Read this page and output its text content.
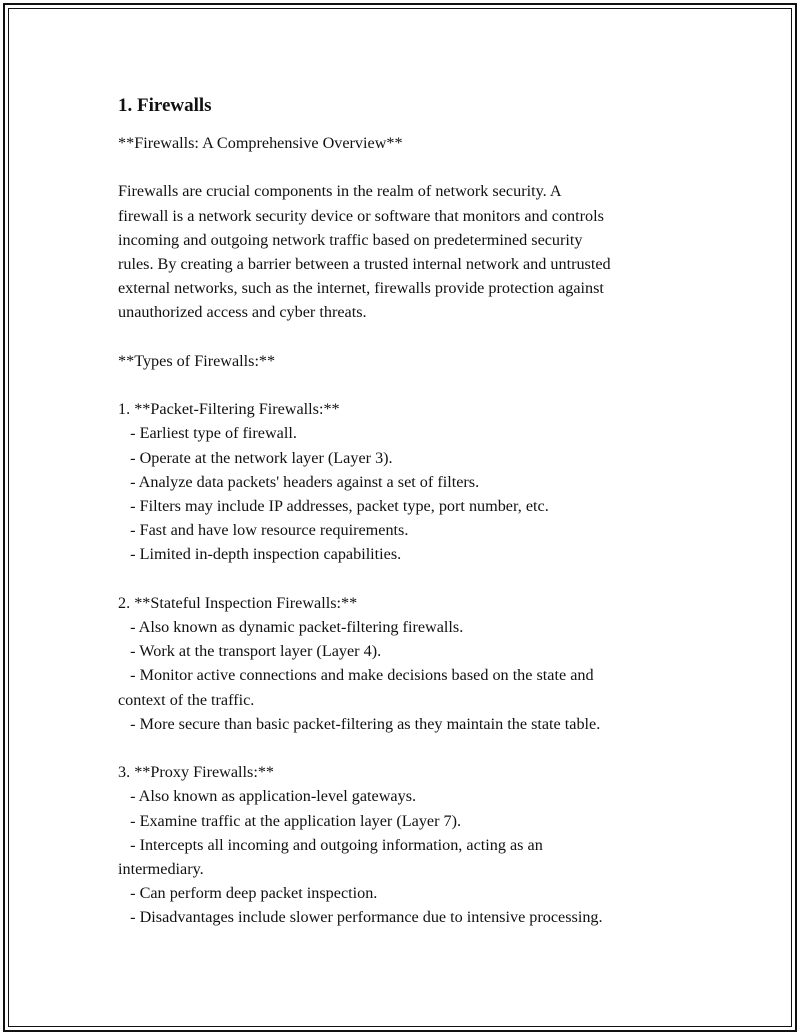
1. Firewalls
**Firewalls: A Comprehensive Overview**
Firewalls are crucial components in the realm of network security. A
firewall is a network security device or software that monitors and controls
incoming and outgoing network traffic based on predetermined security
rules. By creating a barrier between a trusted internal network and untrusted
external networks, such as the internet, firewalls provide protection against
unauthorized access and cyber threats.
**Types of Firewalls:**
1. **Packet-Filtering Firewalls:**
- Earliest type of firewall.
- Operate at the network layer (Layer 3).
- Analyze data packets' headers against a set of filters.
- Filters may include IP addresses, packet type, port number, etc.
- Fast and have low resource requirements.
- Limited in-depth inspection capabilities.
2. **Stateful Inspection Firewalls:**
- Also known as dynamic packet-filtering firewalls.
- Work at the transport layer (Layer 4).
- Monitor active connections and make decisions based on the state and
context of the traffic.
- More secure than basic packet-filtering as they maintain the state table.
3. **Proxy Firewalls:**
- Also known as application-level gateways.
- Examine traffic at the application layer (Layer 7).
- Intercepts all incoming and outgoing information, acting as an
intermediary.
- Can perform deep packet inspection.
- Disadvantages include slower performance due to intensive processing.
